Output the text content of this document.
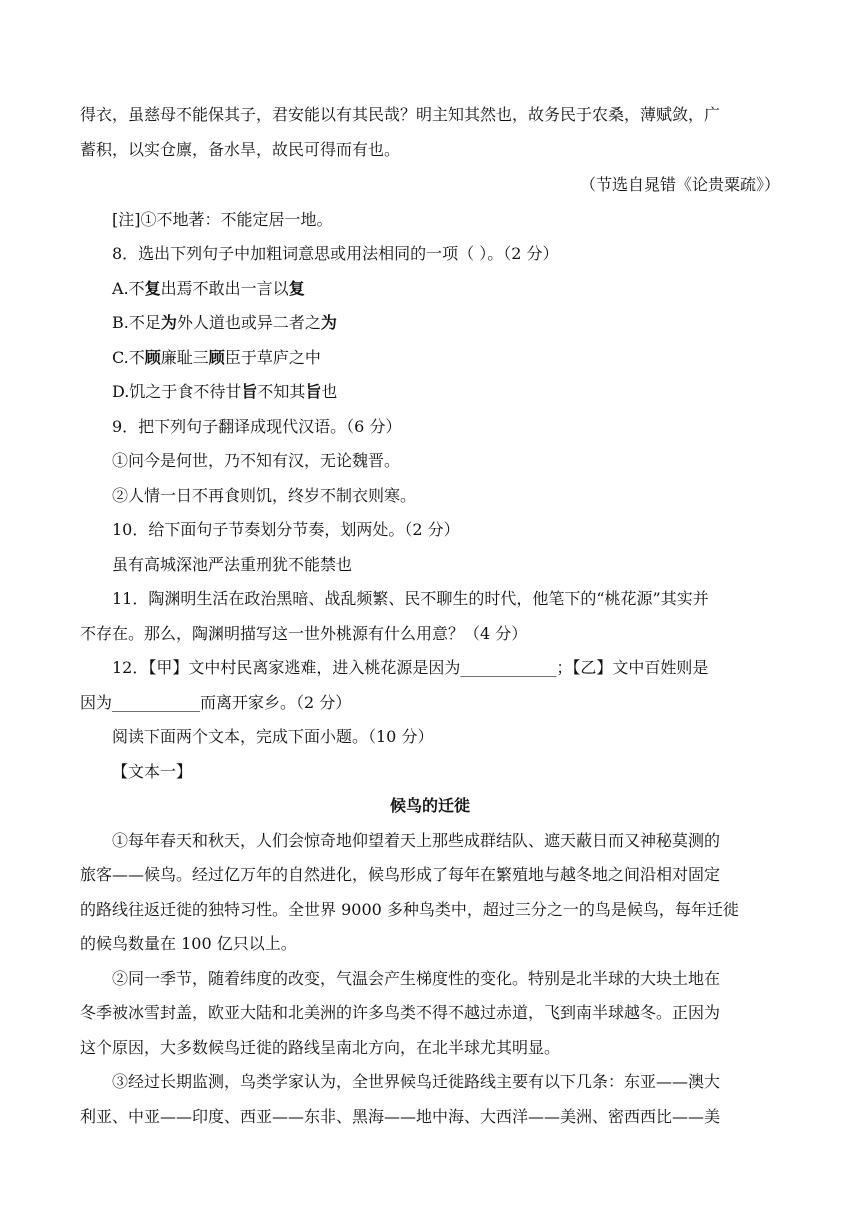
得衣，虽慈母不能保其子，君安能以有其民哉？明主知其然也，故务民于农桑，薄赋敛，广
蓄积，以实仓廪，备水旱，故民可得而有也。
（节选自晁错《论贵粟疏》）
[注]①不地著：不能定居一地。
8．选出下列句子中加粗词意思或用法相同的一项（ ）。（2 分）
A.不复出焉不敢出一言以复
B.不足为外人道也或异二者之为
C.不顾廉耻三顾臣于草庐之中
D.饥之于食不待甘旨不知其旨也
9．把下列句子翻译成现代汉语。（6 分）
①问今是何世，乃不知有汉，无论魏晋。
②人情一日不再食则饥，终岁不制衣则寒。
10．给下面句子节奏划分节奏，划两处。（2 分）
虽有高城深池严法重刑犹不能禁也
11．陶渊明生活在政治黑暗、战乱频繁、民不聊生的时代，他笔下的“桃花源”其实并
不存在。那么，陶渊明描写这一世外桃源有什么用意？（4 分）
12．【甲】文中村民离家逃难，进入桃花源是因为____________；【乙】文中百姓则是
因为___________而离开家乡。（2 分）
阅读下面两个文本，完成下面小题。（10 分）
【文本一】
候鸟的迁徙
①每年春天和秋天，人们会惊奇地仰望着天上那些成群结队、遮天蔽日而又神秘莫测的
旅客——候鸟。经过亿万年的自然进化，候鸟形成了每年在繁殖地与越冬地之间沿相对固定
的路线往返迁徙的独特习性。全世界 9000 多种鸟类中，超过三分之一的鸟是候鸟，每年迁徙
的候鸟数量在 100 亿只以上。
②同一季节，随着纬度的改变，气温会产生梯度性的变化。特别是北半球的大块土地在
冬季被冰雪封盖，欧亚大陆和北美洲的许多鸟类不得不越过赤道，飞到南半球越冬。正因为
这个原因，大多数候鸟迁徙的路线呈南北方向，在北半球尤其明显。
③经过长期监测，鸟类学家认为，全世界候鸟迁徙路线主要有以下几条：东亚——澳大
利亚、中亚——印度、西亚——东非、黑海——地中海、大西洋——美洲、密西西比——美
